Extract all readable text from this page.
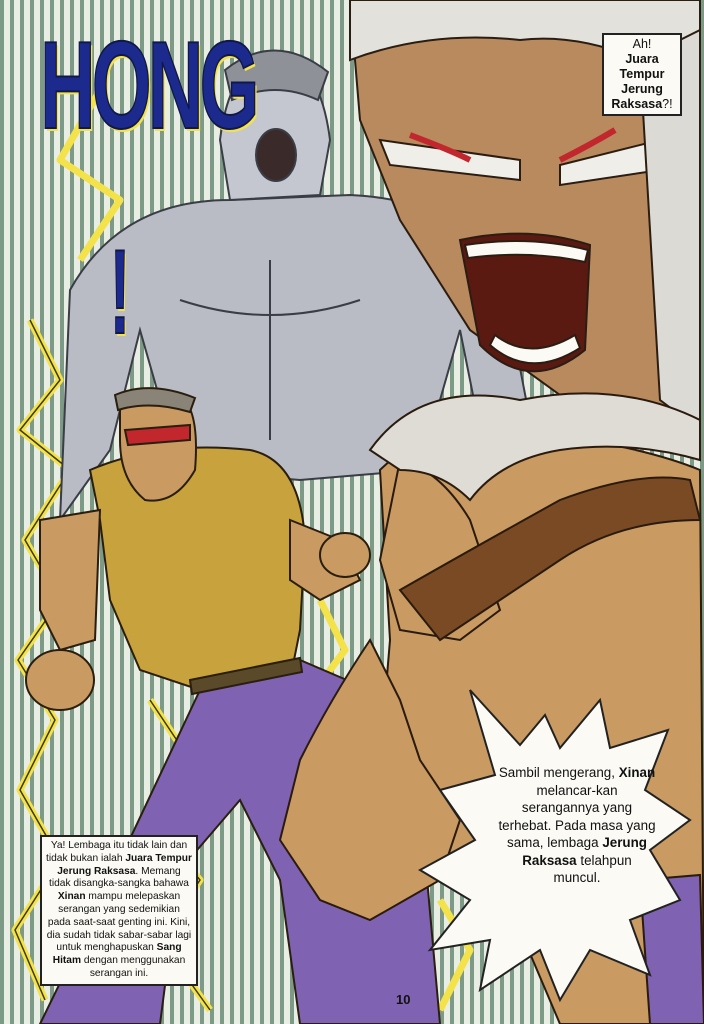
HONG

!

Ah!
Juara Tempur Jerung Raksasa?!

Ya! Lembaga itu tidak lain dan tidak bukan ialah Juara Tempur Jerung Raksasa. Memang tidak disangka-sangka bahawa Xinan mampu melepaskan serangan yang sedemikian pada saat-saat genting ini. Kini, dia sudah tidak sabar-sabar lagi untuk menghapuskan Sang Hitam dengan menggunakan serangan ini.

Sambil mengerang, Xinan melancar-kan serangannya yang terhebat. Pada masa yang sama, lembaga Jerung Raksasa telahpun muncul.

10
